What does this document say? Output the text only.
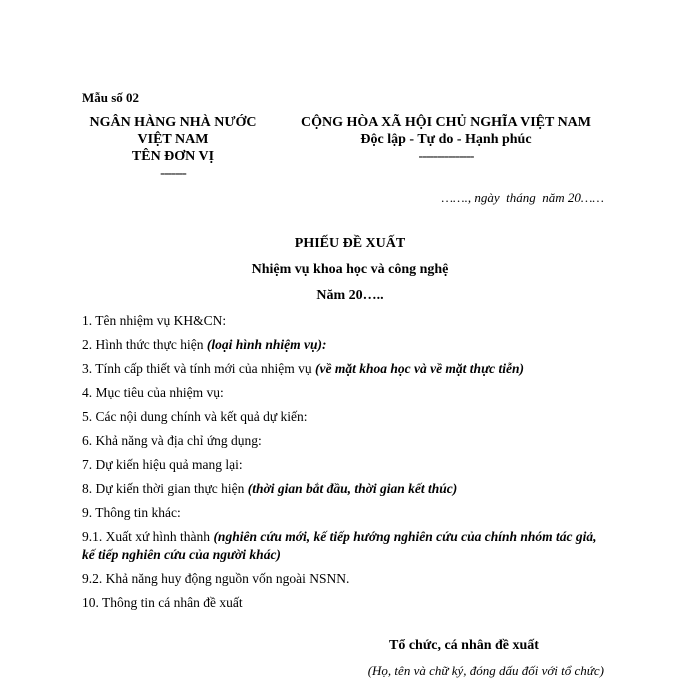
Mẫu số 02
NGÂN HÀNG NHÀ NƯỚC
VIỆT NAM
TÊN ĐƠN VỊ
-------
CỘNG HÒA XÃ HỘI CHỦ NGHĨA VIỆT NAM
Độc lập - Tự do - Hạnh phúc
---------------
……., ngày  tháng  năm 20……
PHIẾU ĐỀ XUẤT
Nhiệm vụ khoa học và công nghệ
Năm 20…..
1. Tên nhiệm vụ KH&CN:
2. Hình thức thực hiện (loại hình nhiệm vụ):
3. Tính cấp thiết và tính mới của nhiệm vụ (về mặt khoa học và về mặt thực tiễn)
4. Mục tiêu của nhiệm vụ:
5. Các nội dung chính và kết quả dự kiến:
6. Khả năng và địa chỉ ứng dụng:
7. Dự kiến hiệu quả mang lại:
8. Dự kiến thời gian thực hiện (thời gian bắt đầu, thời gian kết thúc)
9. Thông tin khác:
9.1. Xuất xứ hình thành (nghiên cứu mới, kế tiếp hướng nghiên cứu của chính nhóm tác giả, kế tiếp nghiên cứu của người khác)
9.2. Khả năng huy động nguồn vốn ngoài NSNN.
10. Thông tin cá nhân đề xuất
Tổ chức, cá nhân đề xuất
(Họ, tên và chữ ký, đóng dấu đối với tổ chức)
